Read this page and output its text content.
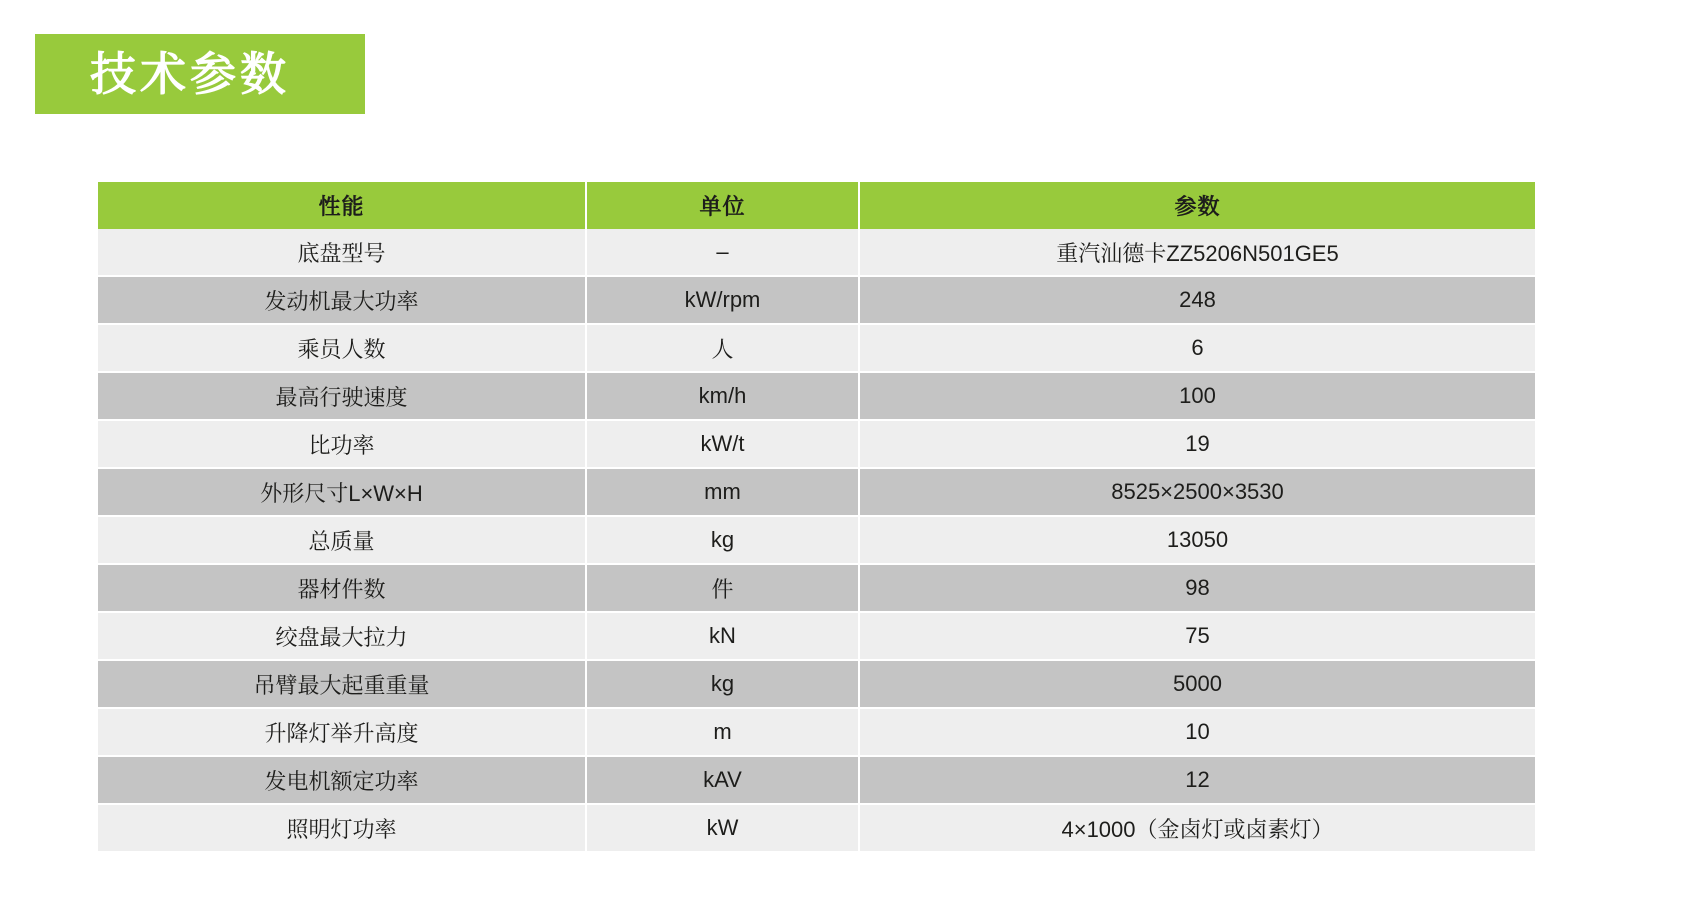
技术参数
性能	单位	参数
底盘型号	–	重汽汕德卡ZZ5206N501GE5
发动机最大功率	kW/rpm	248
乘员人数	人	6
最高行驶速度	km/h	100
比功率	kW/t	19
外形尺寸L×W×H	mm	8525×2500×3530
总质量	kg	13050
器材件数	件	98
绞盘最大拉力	kN	75
吊臂最大起重重量	kg	5000
升降灯举升高度	m	10
发电机额定功率	kAV	12
照明灯功率	kW	4×1000（金卤灯或卤素灯）
